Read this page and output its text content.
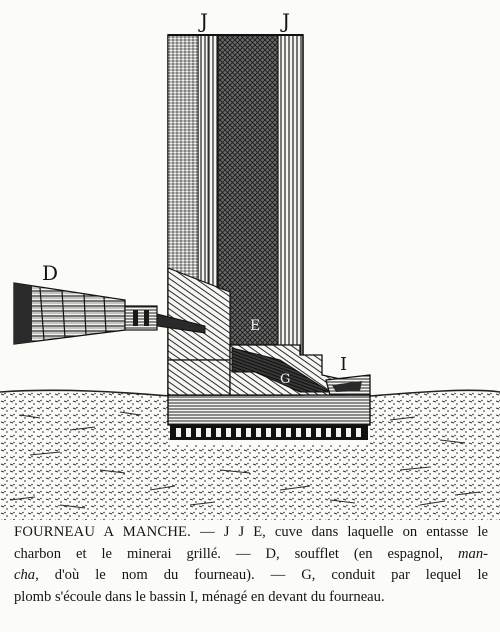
J	J
D
I
E
G

FOURNEAU A MANCHE. — J J E, cuve dans laquelle on entasse le
charbon et le minerai grillé. — D, soufflet (en espagnol, man-
cha, d'où le nom du fourneau). — G, conduit par lequel le
plomb s'écoule dans le bassin I, ménagé en devant du fourneau.
